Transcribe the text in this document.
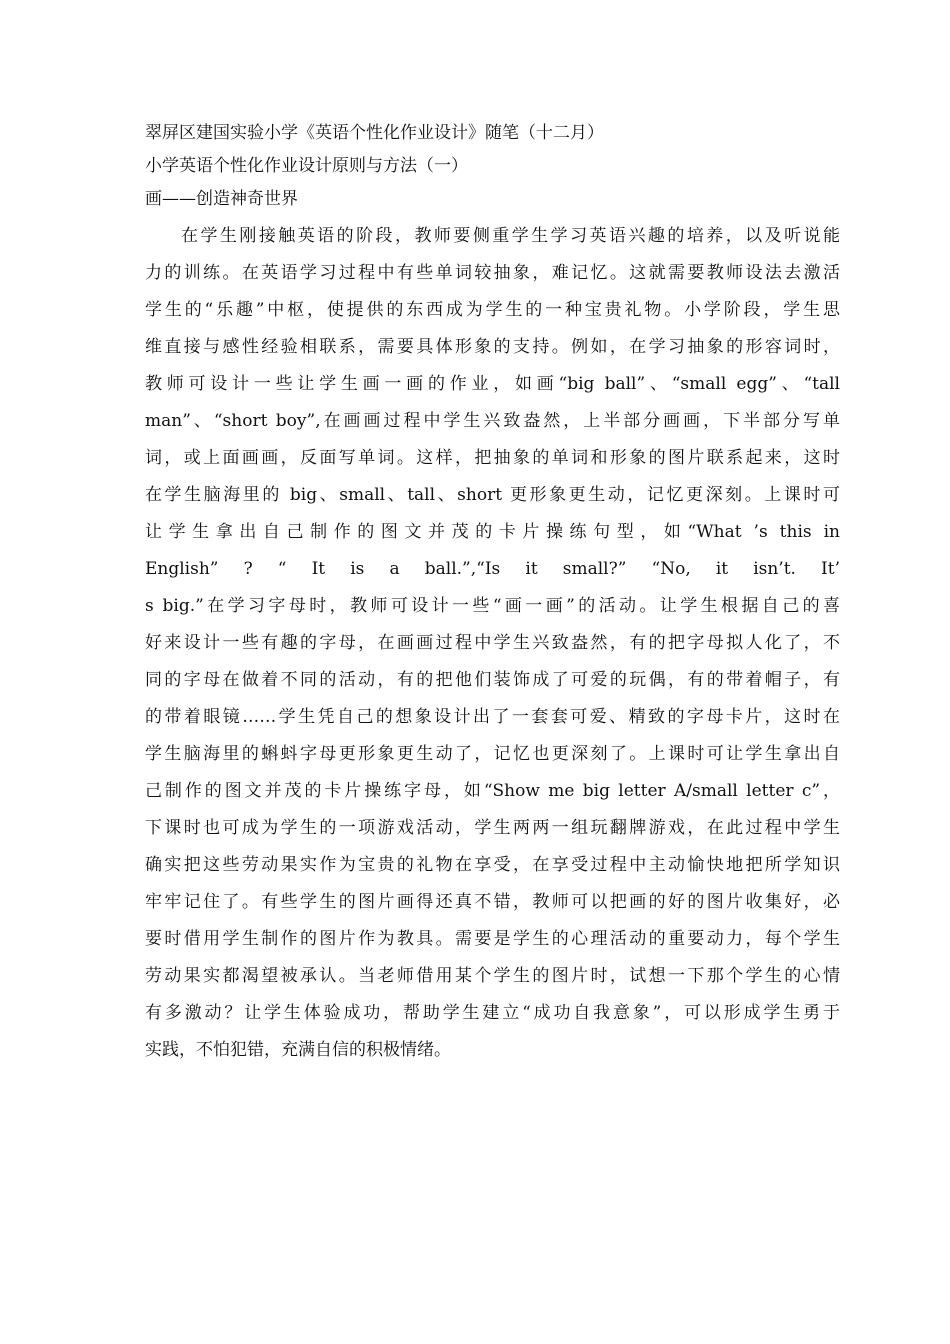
翠屏区建国实验小学《英语个性化作业设计》随笔（十二月）
小学英语个性化作业设计原则与方法（一）
画——创造神奇世界
在学生刚接触英语的阶段，教师要侧重学生学习英语兴趣的培养，以及听说能
力的训练。在英语学习过程中有些单词较抽象，难记忆。这就需要教师设法去激活
学生的“乐趣”中枢，使提供的东西成为学生的一种宝贵礼物。小学阶段，学生思
维直接与感性经验相联系，需要具体形象的支持。例如，在学习抽象的形容词时，
教师可设计一些让学生画一画的作业，如画“big ball”、“small egg”、“tall
man”、“short boy”,在画画过程中学生兴致盎然，上半部分画画，下半部分写单
词，或上面画画，反面写单词。这样，把抽象的单词和形象的图片联系起来，这时
在学生脑海里的 big、small、tall、short 更形象更生动，记忆更深刻。上课时可
让学生拿出自己制作的图文并茂的卡片操练句型，如“What ’s this in
English” ? “ It is a ball.”,“Is it small?” “No, it isn’t. It’
s big.”在学习字母时，教师可设计一些“画一画”的活动。让学生根据自己的喜
好来设计一些有趣的字母，在画画过程中学生兴致盎然，有的把字母拟人化了，不
同的字母在做着不同的活动，有的把他们装饰成了可爱的玩偶，有的带着帽子，有
的带着眼镜……学生凭自己的想象设计出了一套套可爱、精致的字母卡片，这时在
学生脑海里的蝌蚪字母更形象更生动了，记忆也更深刻了。上课时可让学生拿出自
己制作的图文并茂的卡片操练字母，如“Show me big letter A/small letter c”，
下课时也可成为学生的一项游戏活动，学生两两一组玩翻牌游戏，在此过程中学生
确实把这些劳动果实作为宝贵的礼物在享受，在享受过程中主动愉快地把所学知识
牢牢记住了。有些学生的图片画得还真不错，教师可以把画的好的图片收集好，必
要时借用学生制作的图片作为教具。需要是学生的心理活动的重要动力，每个学生
劳动果实都渴望被承认。当老师借用某个学生的图片时，试想一下那个学生的心情
有多激动？让学生体验成功，帮助学生建立“成功自我意象”，可以形成学生勇于
实践，不怕犯错，充满自信的积极情绪。
